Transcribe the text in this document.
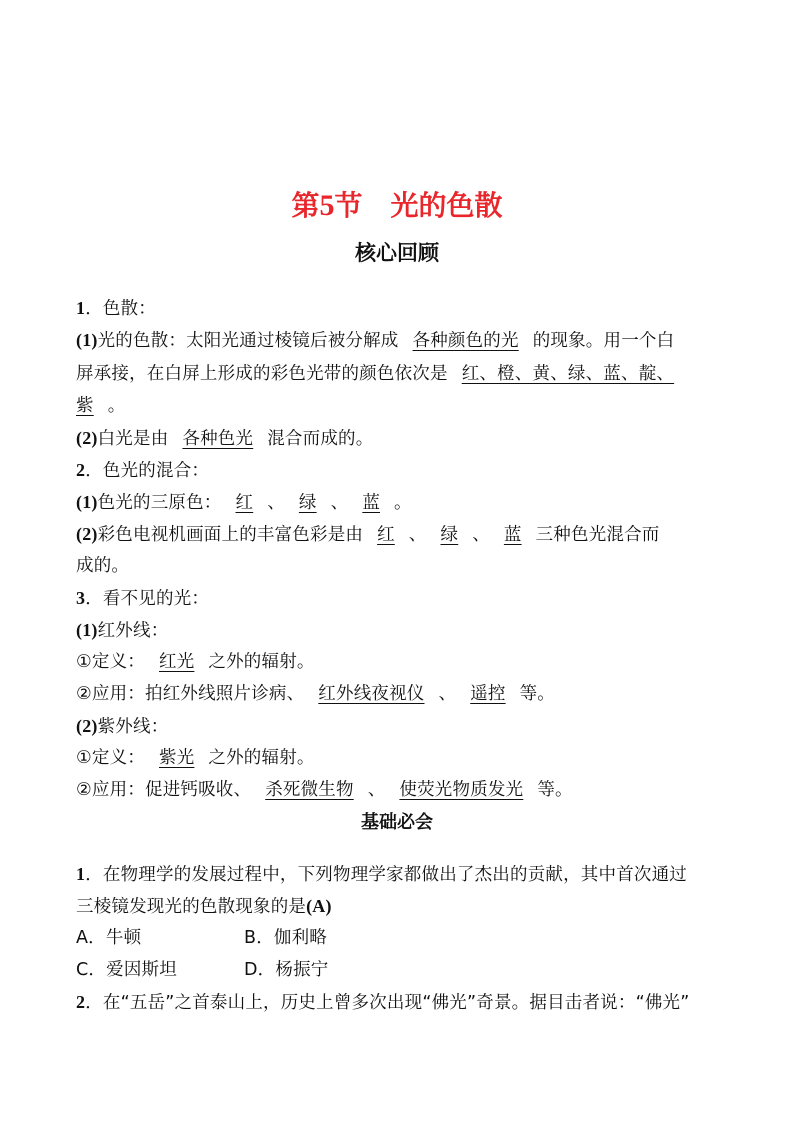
第5节　光的色散
核心回顾
1．色散：
(1)光的色散：太阳光通过棱镜后被分解成 各种颜色的光 的现象。用一个白
屏承接，在白屏上形成的彩色光带的颜色依次是 红、橙、黄、绿、蓝、靛、
紫 。
(2)白光是由 各种色光 混合而成的。
2．色光的混合：
(1)色光的三原色： 红 、 绿 、 蓝 。
(2)彩色电视机画面上的丰富色彩是由 红 、 绿 、 蓝 三种色光混合而
成的。
3．看不见的光：
(1)红外线：
①定义： 红光 之外的辐射。
②应用：拍红外线照片诊病、 红外线夜视仪 、 遥控 等。
(2)紫外线：
①定义： 紫光 之外的辐射。
②应用：促进钙吸收、 杀死微生物 、 使荧光物质发光 等。
基础必会
1．在物理学的发展过程中，下列物理学家都做出了杰出的贡献，其中首次通过
三棱镜发现光的色散现象的是(A)
A．牛顿	B．伽利略
C．爱因斯坦	D．杨振宁
2．在“五岳”之首泰山上，历史上曾多次出现“佛光”奇景。据目击者说：“佛光”
